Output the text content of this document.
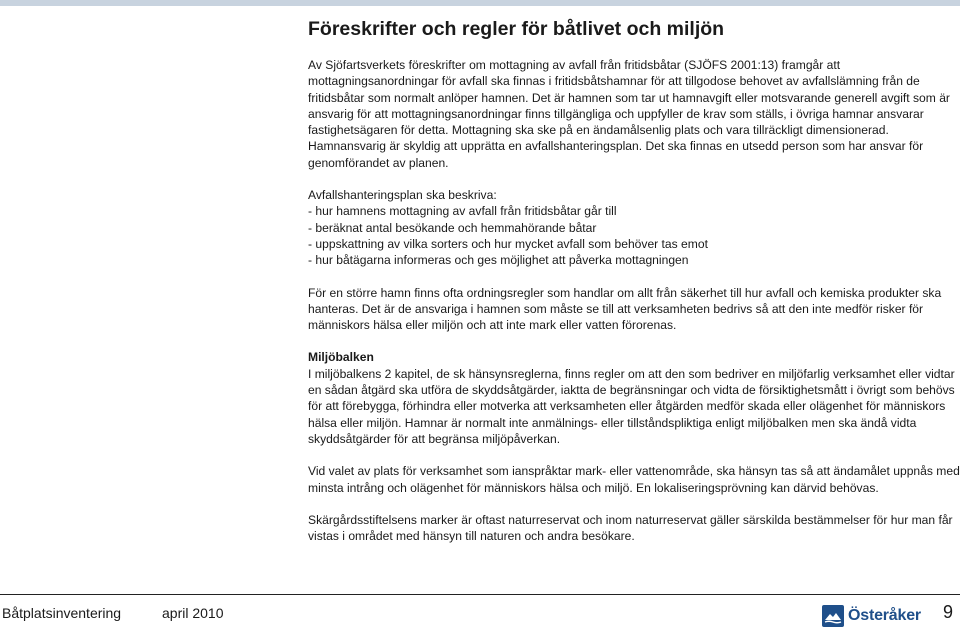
Föreskrifter och regler för båtlivet och miljön

Av Sjöfartsverkets föreskrifter om mottagning av avfall från fritidsbåtar (SJÖFS 2001:13) framgår att mottagningsanordningar för avfall ska finnas i fritidsbåtshamnar för att tillgodose behovet av avfallslämning från de fritidsbåtar som normalt anlöper hamnen. Det är hamnen som tar ut hamnavgift eller motsvarande generell avgift som är ansvarig för att mottagningsanordningar finns tillgängliga och uppfyller de krav som ställs, i övriga hamnar ansvarar fastighetsägaren för detta. Mottagning ska ske på en ändamålsenlig plats och vara tillräckligt dimensionerad. Hamnansvarig är skyldig att upprätta en avfallshanteringsplan. Det ska finnas en utsedd person som har ansvar för genomförandet av planen.

Avfallshanteringsplan ska beskriva:

- hur hamnens mottagning av avfall från fritidsbåtar går till
- beräknat antal besökande och hemmahörande båtar
- uppskattning av vilka sorters och hur mycket avfall som behöver tas emot
- hur båtägarna informeras och ges möjlighet att påverka mottagningen

För en större hamn finns ofta ordningsregler som handlar om allt från säkerhet till hur avfall och kemiska produkter ska hanteras. Det är de ansvariga i hamnen som måste se till att verksamheten bedrivs så att den inte medför risker för människors hälsa eller miljön och att inte mark eller vatten förorenas.

Miljöbalken

I miljöbalkens 2 kapitel, de sk hänsynsreglerna, finns regler om att den som bedriver en miljöfarlig verksamhet eller vidtar en sådan åtgärd ska utföra de skyddsåtgärder, iaktta de begränsningar och vidta de försiktighetsmått i övrigt som behövs för att förebygga, förhindra eller motverka att verksamheten eller åtgärden medför skada eller olägenhet för människors hälsa eller miljön. Hamnar är normalt inte anmälnings- eller tillståndspliktiga enligt miljöbalken men ska ändå vidta skyddsåtgärder för att begränsa miljöpåverkan.

Vid valet av plats för verksamhet som ianspråktar mark- eller vattenområde, ska hänsyn tas så att ändamålet uppnås med minsta intrång och olägenhet för människors hälsa och miljö. En lokaliseringsprövning kan därvid behövas.

Skärgårdsstiftelsens marker är oftast naturreservat och inom naturreservat gäller särskilda bestämmelser för hur man får vistas i området med hänsyn till naturen och andra besökare.

Båtplatsinventering	april 2010	Österåker 9
